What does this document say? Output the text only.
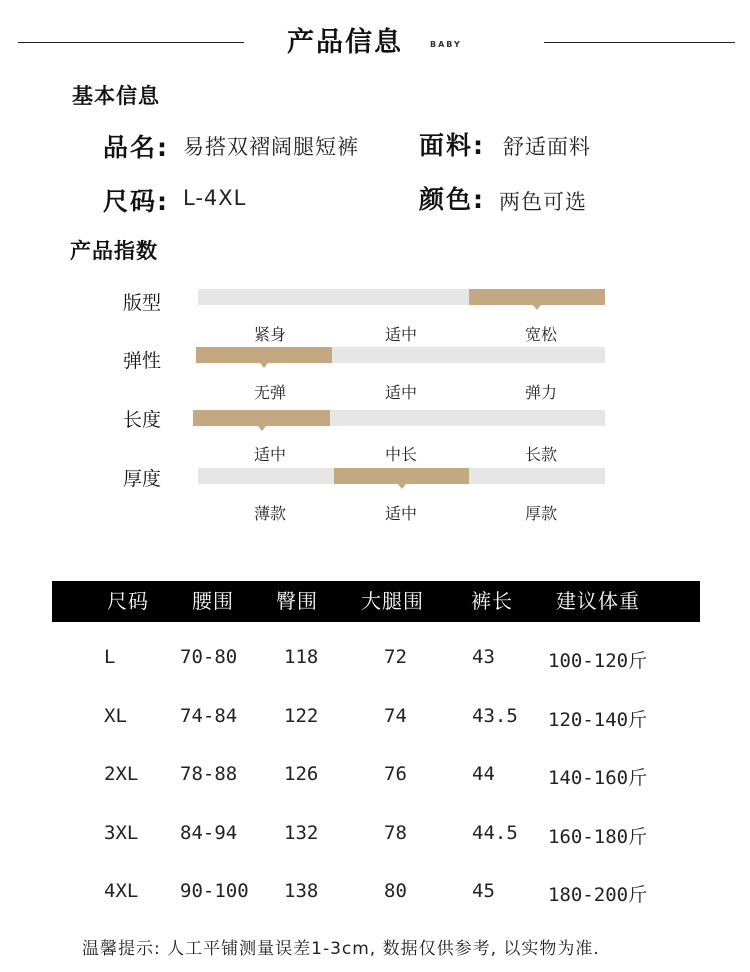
产品信息	BABY
基本信息
品名: 易搭双褶阔腿短裤 面料: 舒适面料
尺码: L-4XL	颜色: 两色可选
产品指数
版型
紧身	适中	宽松
弹性
无弹	适中	弹力
长度
适中	中长	长款
厚度
薄款	适中	厚款
尺码 腰围 臀围 大腿围 裤长 建议体重
L	70-80 118	72	43	100-120斤
XL	74-84 122	74	43.5 120-140斤
2XL 78-88 126	76	44	140-160斤
3XL 84-94 132	78	44.5 160-180斤
4XL 90-100 138	80	45	180-200斤
温馨提示: 人工平铺测量误差1-3cm, 数据仅供参考, 以实物为准.
